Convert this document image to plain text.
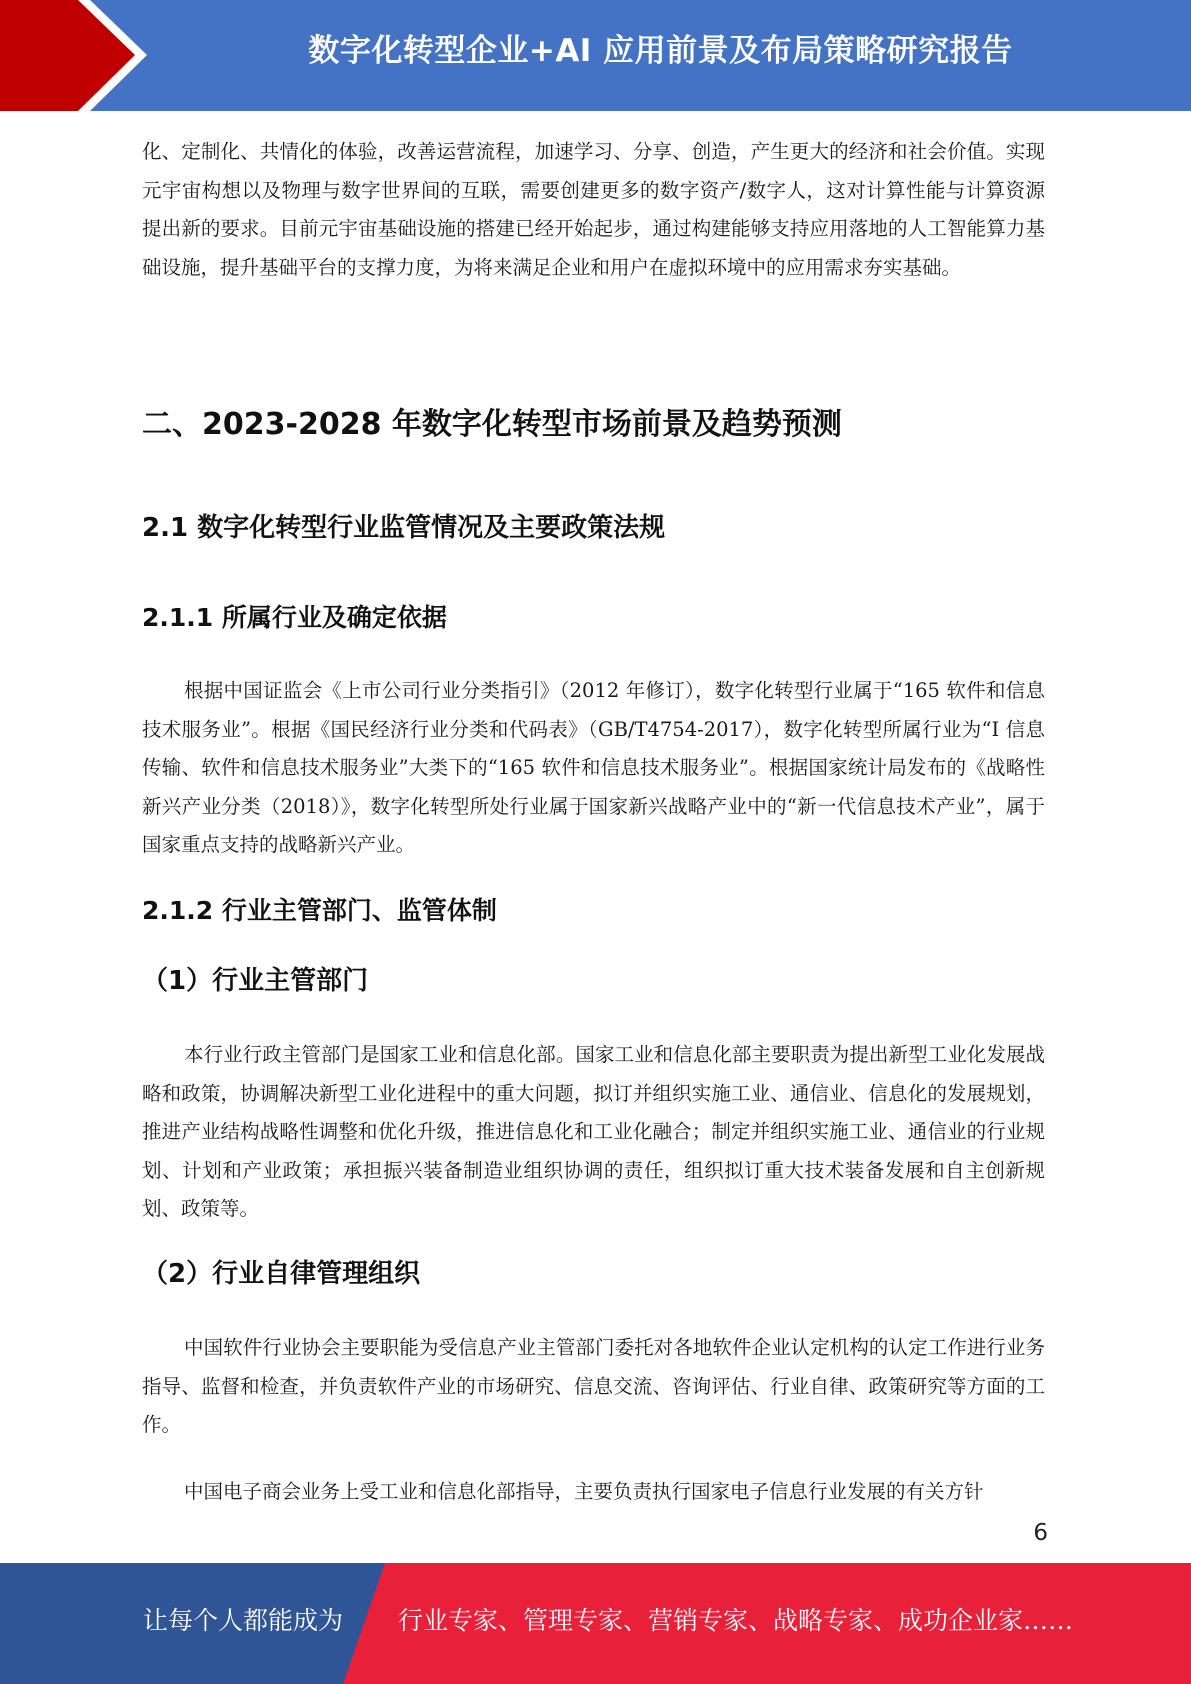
数字化转型企业+AI 应用前景及布局策略研究报告

化、定制化、共情化的体验，改善运营流程，加速学习、分享、创造，产生更大的经济和社会价值。实现元宇宙构想以及物理与数字世界间的互联，需要创建更多的数字资产/数字人，这对计算性能与计算资源提出新的要求。目前元宇宙基础设施的搭建已经开始起步，通过构建能够支持应用落地的人工智能算力基础设施，提升基础平台的支撑力度，为将来满足企业和用户在虚拟环境中的应用需求夯实基础。

二、2023-2028 年数字化转型市场前景及趋势预测
2.1 数字化转型行业监管情况及主要政策法规
2.1.1 所属行业及确定依据

根据中国证监会《上市公司行业分类指引》（2012 年修订），数字化转型行业属于“165 软件和信息技术服务业”。根据《国民经济行业分类和代码表》（GB/T4754-2017），数字化转型所属行业为“I 信息传输、软件和信息技术服务业”大类下的“165 软件和信息技术服务业”。根据国家统计局发布的《战略性新兴产业分类（2018）》，数字化转型所处行业属于国家新兴战略产业中的“新一代信息技术产业”，属于国家重点支持的战略新兴产业。

2.1.2 行业主管部门、监管体制
（1）行业主管部门

本行业行政主管部门是国家工业和信息化部。国家工业和信息化部主要职责为提出新型工业化发展战略和政策，协调解决新型工业化进程中的重大问题，拟订并组织实施工业、通信业、信息化的发展规划，推进产业结构战略性调整和优化升级，推进信息化和工业化融合；制定并组织实施工业、通信业的行业规划、计划和产业政策；承担振兴装备制造业组织协调的责任，组织拟订重大技术装备发展和自主创新规划、政策等。

（2）行业自律管理组织

中国软件行业协会主要职能为受信息产业主管部门委托对各地软件企业认定机构的认定工作进行业务指导、监督和检查，并负责软件产业的市场研究、信息交流、咨询评估、行业自律、政策研究等方面的工作。

中国电子商会业务上受工业和信息化部指导，主要负责执行国家电子信息行业发展的有关方针

6
让每个人都能成为 行业专家、管理专家、营销专家、战略专家、成功企业家……
